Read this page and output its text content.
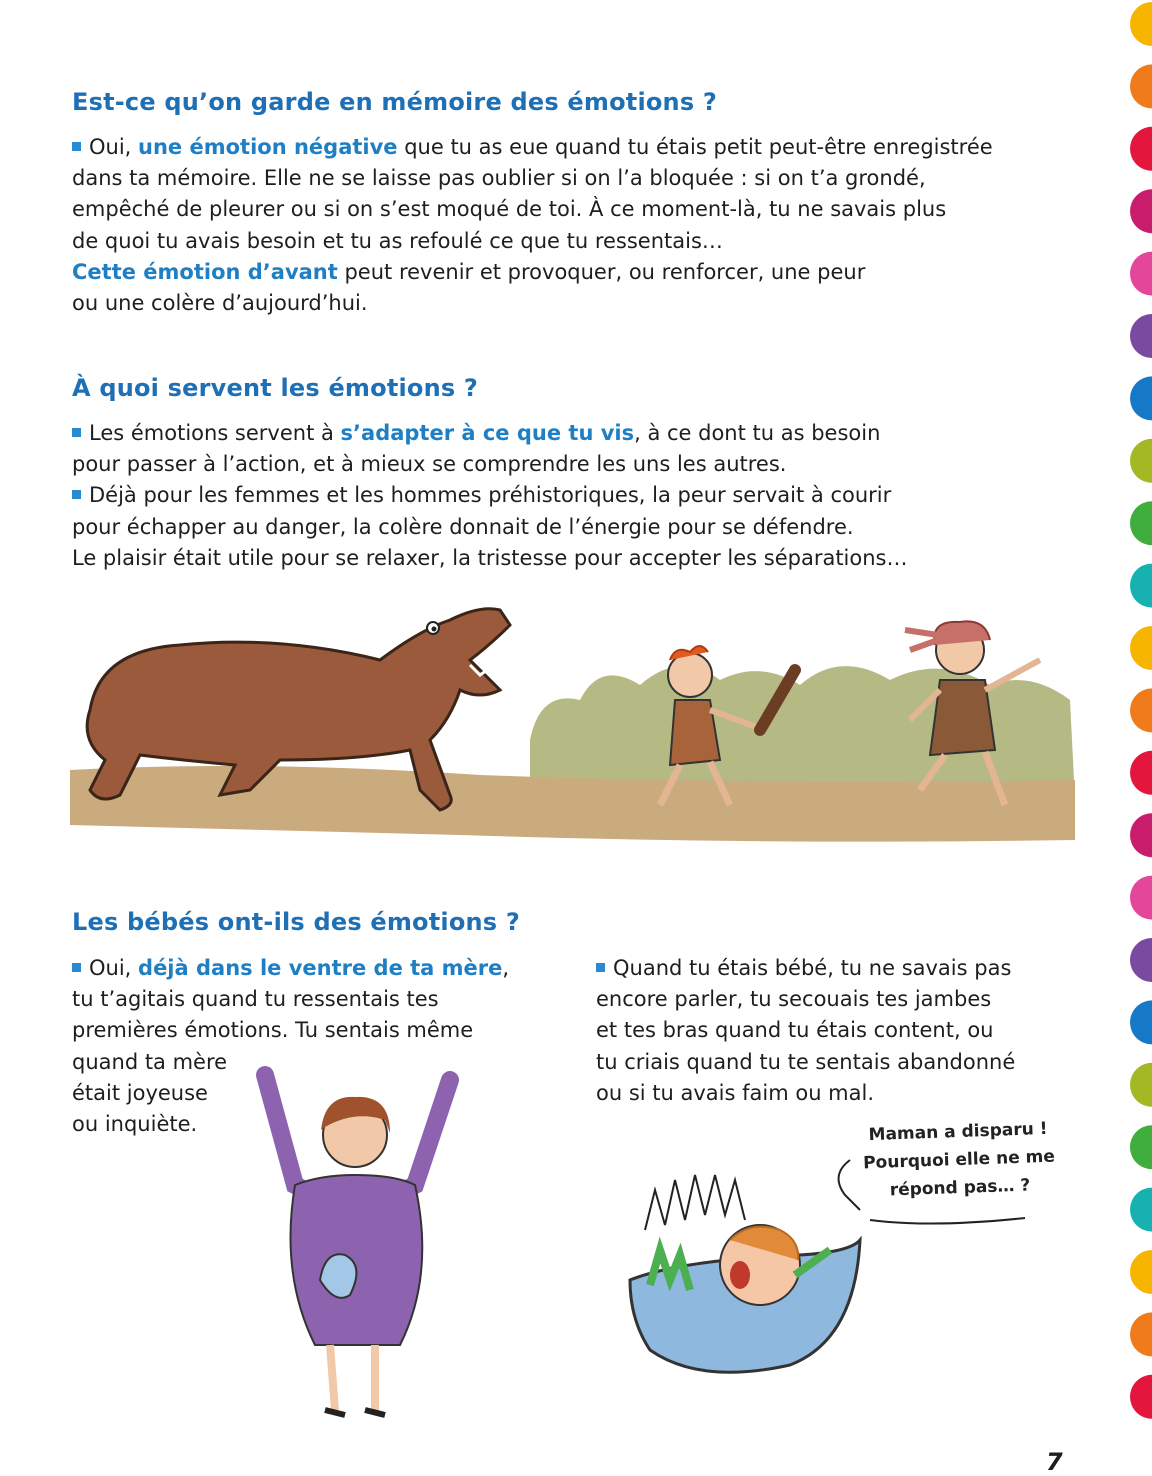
Est-ce qu’on garde en mémoire des émotions ?
Oui, une émotion négative que tu as eue quand tu étais petit peut-être enregistrée
dans ta mémoire. Elle ne se laisse pas oublier si on l’a bloquée : si on t’a grondé,
empêché de pleurer ou si on s’est moqué de toi. À ce moment-là, tu ne savais plus
de quoi tu avais besoin et tu as refoulé ce que tu ressentais…
Cette émotion d’avant peut revenir et provoquer, ou renforcer, une peur
ou une colère d’aujourd’hui.
À quoi servent les émotions ?
Les émotions servent à s’adapter à ce que tu vis, à ce dont tu as besoin
pour passer à l’action, et à mieux se comprendre les uns les autres.
Déjà pour les femmes et les hommes préhistoriques, la peur servait à courir
pour échapper au danger, la colère donnait de l’énergie pour se défendre.
Le plaisir était utile pour se relaxer, la tristesse pour accepter les séparations…
Les bébés ont-ils des émotions ?
Oui, déjà dans le ventre de ta mère,
tu t’agitais quand tu ressentais tes
premières émotions. Tu sentais même
quand ta mère
était joyeuse
ou inquiète.
Quand tu étais bébé, tu ne savais pas
encore parler, tu secouais tes jambes
et tes bras quand tu étais content, ou
tu criais quand tu te sentais abandonné
ou si tu avais faim ou mal.
Maman a disparu !
Pourquoi elle ne me
répond pas… ?

7
